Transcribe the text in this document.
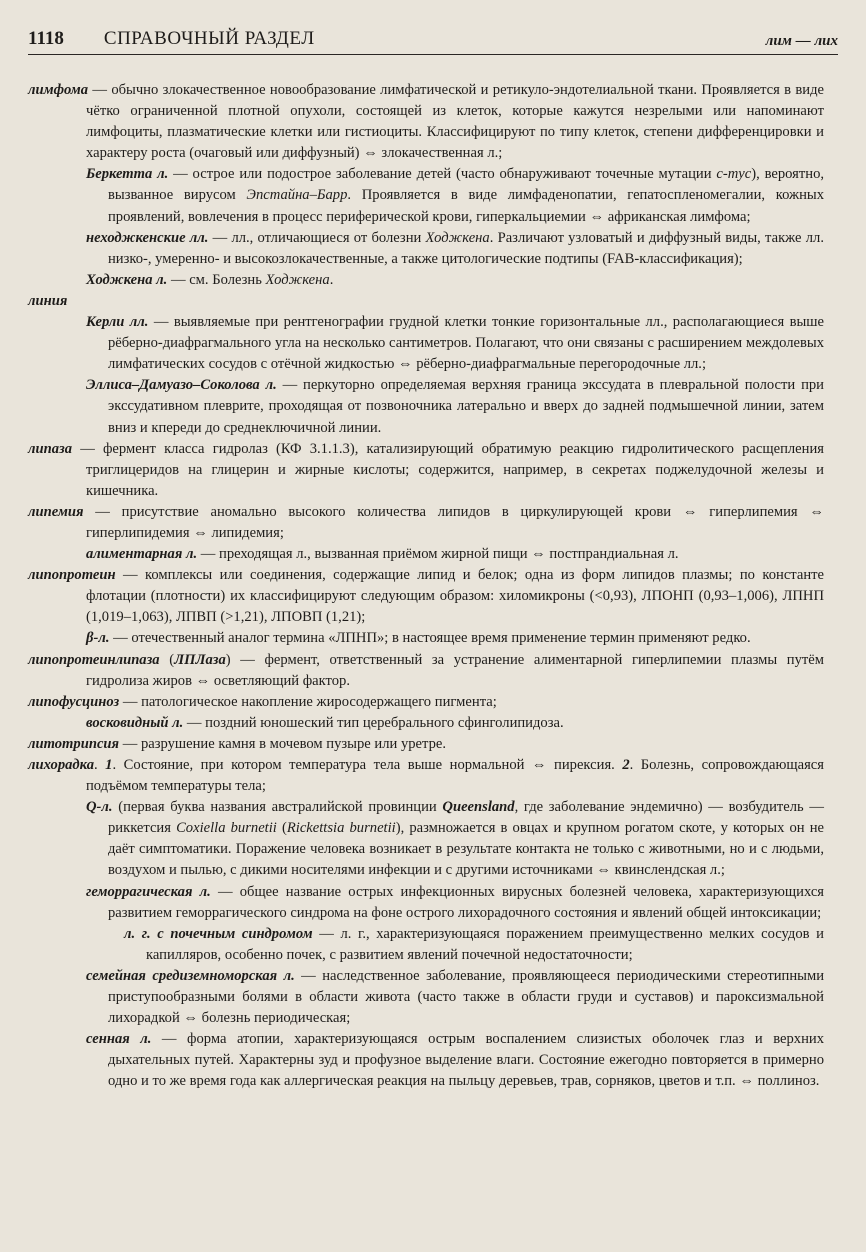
1118 СПРАВОЧНЫЙ РАЗДЕЛ	лим — лих

лимфома — обычно злокачественное новообразование лимфатической и ретикуло-эндотелиальной ткани. Проявляется в виде чётко ограниченной плотной опухоли, состоящей из клеток, которые кажутся незрелыми или напоминают лимфоциты, плазматические клетки или гистиоциты. Классифицируют по типу клеток, степени дифференцировки и характеру роста (очаговый или диффузный) ⇔ злокачественная л.;

Беркетта л. — острое или подострое заболевание детей (часто обнаруживают точечные мутации c-myc), вероятно, вызванное вирусом Эпстайна–Барр. Проявляется в виде лимфаденопатии, гепатоспленомегалии, кожных проявлений, вовлечения в процесс периферической крови, гиперкальциемии ⇔ африканская лимфома;

неходжкенские лл. — лл., отличающиеся от болезни Ходжкена. Различают узловатый и диффузный виды, также лл. низко-, умеренно- и высокозлокачественные, а также цитологические подтипы (FAB-классификация);

Ходжкена л. — см. Болезнь Ходжкена.

линия

Керли лл. — выявляемые при рентгенографии грудной клетки тонкие горизонтальные лл., располагающиеся выше рёберно-диафрагмального угла на несколько сантиметров. Полагают, что они связаны с расширением междолевых лимфатических сосудов с отёчной жидкостью ⇔ рёберно-диафрагмальные перегородочные лл.;

Эллиса–Дамуазо–Соколова л. — перкуторно определяемая верхняя граница экссудата в плевральной полости при экссудативном плеврите, проходящая от позвоночника латерально и вверх до задней подмышечной линии, затем вниз и кпереди до среднеключичной линии.

липаза — фермент класса гидролаз (КФ 3.1.1.3), катализирующий обратимую реакцию гидролитического расщепления триглицеридов на глицерин и жирные кислоты; содержится, например, в секретах поджелудочной железы и кишечника.

липемия — присутствие аномально высокого количества липидов в циркулирующей крови ⇔ гиперлипемия ⇔ гиперлипидемия ⇔ липидемия;

алиментарная л. — преходящая л., вызванная приёмом жирной пищи ⇔ постпрандиальная л.

липопротеин — комплексы или соединения, содержащие липид и белок; одна из форм липидов плазмы; по константе флотации (плотности) их классифицируют следующим образом: хиломикроны (<0,93), ЛПОНП (0,93–1,006), ЛПНП (1,019–1,063), ЛПВП (>1,21), ЛПОВП (1,21);

β-л. — отечественный аналог термина «ЛПНП»; в настоящее время применение термин применяют редко.

липопротеинлипаза (ЛПЛаза) — фермент, ответственный за устранение алиментарной гиперлипемии плазмы путём гидролиза жиров ⇔ осветляющий фактор.

липофусциноз — патологическое накопление жиросодержащего пигмента;

восковидный л. — поздний юношеский тип церебрального сфинголипидоза.

литотрипсия — разрушение камня в мочевом пузыре или уретре.

лихорадка. 1. Состояние, при котором температура тела выше нормальной ⇔ пирексия. 2. Болезнь, сопровождающаяся подъёмом температуры тела;

Q-л. (первая буква названия австралийской провинции Queensland, где заболевание эндемично) — возбудитель — риккетсия Coxiella burnetii (Rickettsia burnetii), размножается в овцах и крупном рогатом скоте, у которых он не даёт симптоматики. Поражение человека возникает в результате контакта не только с животными, но и с людьми, воздухом и пылью, с дикими носителями инфекции и с другими источниками ⇔ квинслендская л.;

геморрагическая л. — общее название острых инфекционных вирусных болезней человека, характеризующихся развитием геморрагического синдрома на фоне острого лихорадочного состояния и явлений общей интоксикации;

л. г. с почечным синдромом — л. г., характеризующаяся поражением преимущественно мелких сосудов и капилляров, особенно почек, с развитием явлений почечной недостаточности;

семейная средиземноморская л. — наследственное заболевание, проявляющееся периодическими стереотипными приступообразными болями в области живота (часто также в области груди и суставов) и пароксизмальной лихорадкой ⇔ болезнь периодическая;

сенная л. — форма атопии, характеризующаяся острым воспалением слизистых оболочек глаз и верхних дыхательных путей. Характерны зуд и профузное выделение влаги. Состояние ежегодно повторяется в примерно одно и то же время года как аллергическая реакция на пыльцу деревьев, трав, сорняков, цветов и т.п. ⇔ поллиноз.
